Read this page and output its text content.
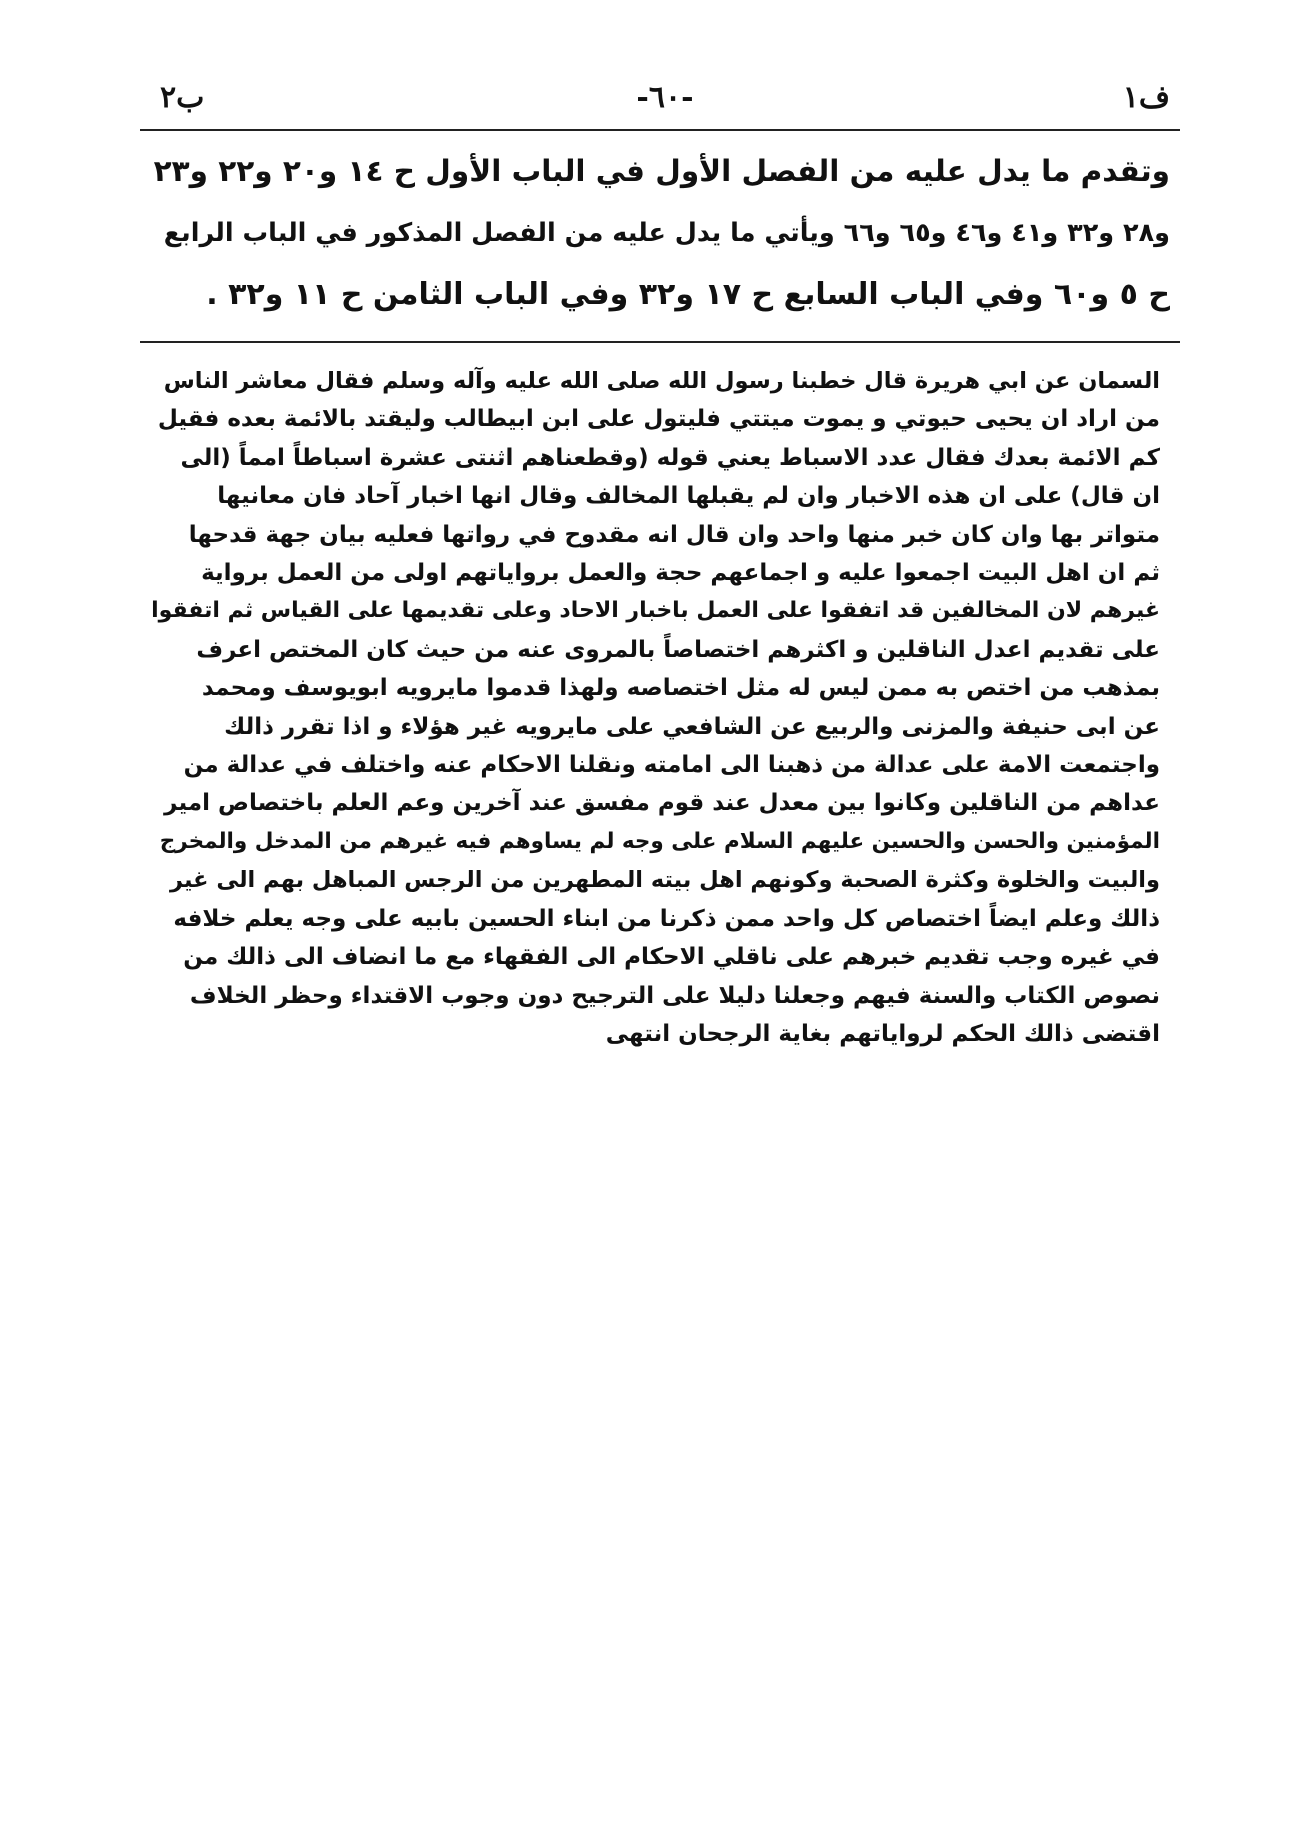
ف١
-٦٠-
ب٢

وتقدم ما يدل عليه من الفصل الأول في الباب الأول ح ١٤ و٢٠ و٢٢ و٢٣

و٢٨ و٣٢ و٤١ و٤٦ و٦٥ و٦٦ ويأتي ما يدل عليه من الفصل المذكور في الباب الرابع

ح ٥ و٦٠ وفي الباب السابع ح ١٧ و٣٢ وفي الباب الثامن ح ١١ و٣٢ .

السمان عن ابي هريرة قال خطبنا رسول الله صلى الله عليه وآله وسلم فقال معاشر الناس

من اراد ان يحيى حيوتي و يموت ميتتي فليتول على ابن ابيطالب وليقتد بالائمة بعده فقيل

كم الائمة بعدك فقال عدد الاسباط يعني قوله (وقطعناهم اثنتى عشرة اسباطاً امماً (الى

ان قال) على ان هذه الاخبار وان لم يقبلها المخالف وقال انها اخبار آحاد فان معانيها

متواتر بها وان كان خبر منها واحد وان قال انه مقدوح في رواتها فعليه بيان جهة قدحها

ثم ان اهل البيت اجمعوا عليه و اجماعهم حجة والعمل برواياتهم اولى من العمل برواية

غيرهم لان المخالفين قد اتفقوا على العمل باخبار الاحاد وعلى تقديمها على القياس ثم اتفقوا

على تقديم اعدل الناقلين و اكثرهم اختصاصاً بالمروى عنه من حيث كان المختص اعرف

بمذهب من اختص به ممن ليس له مثل اختصاصه ولهذا قدموا مايرويه ابويوسف ومحمد

عن ابى حنيفة والمزنى والربيع عن الشافعي على مايرويه غير هؤلاء و اذا تقرر ذالك

واجتمعت الامة على عدالة من ذهبنا الى امامته ونقلنا الاحكام عنه واختلف في عدالة من

عداهم من الناقلين وكانوا بين معدل عند قوم مفسق عند آخرين وعم العلم باختصاص امير

المؤمنين والحسن والحسين عليهم السلام على وجه لم يساوهم فيه غيرهم من المدخل والمخرج

والبيت والخلوة وكثرة الصحبة وكونهم اهل بيته المطهرين من الرجس المباهل بهم الى غير

ذالك وعلم ايضاً اختصاص كل واحد ممن ذكرنا من ابناء الحسين بابيه على وجه يعلم خلافه

في غيره وجب تقديم خبرهم على ناقلي الاحكام الى الفقهاء مع ما انضاف الى ذالك من

نصوص الكتاب والسنة فيهم وجعلنا دليلا على الترجيح دون وجوب الاقتداء وحظر الخلاف

اقتضى ذالك الحكم لرواياتهم بغاية الرجحان انتهى
